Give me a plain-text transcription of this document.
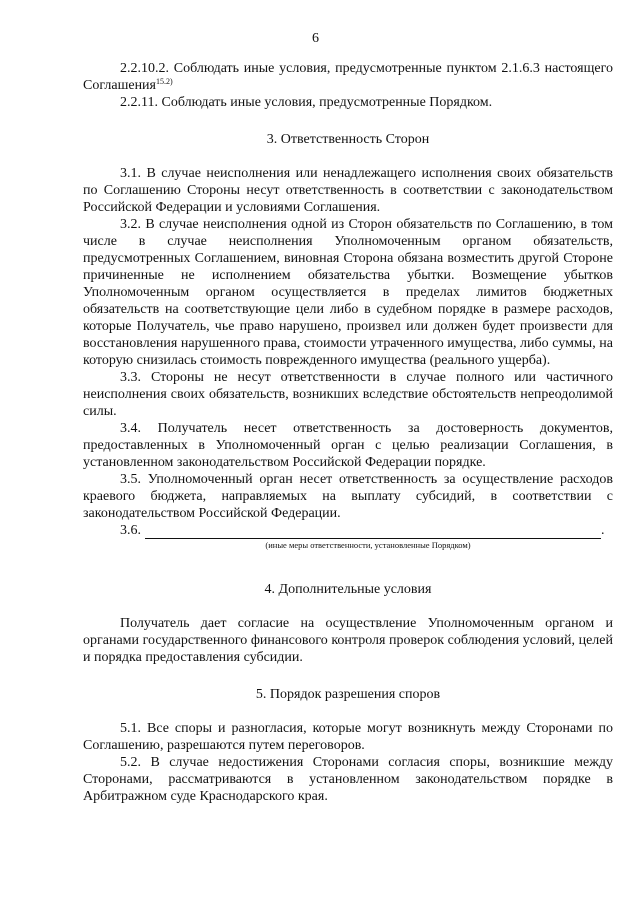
6

2.2.10.2. Соблюдать иные условия, предусмотренные пунктом 2.1.6.3 настоящего Соглашения$^{15.2)}$

2.2.11. Соблюдать иные условия, предусмотренные Порядком.

3. Ответственность Сторон

3.1. В случае неисполнения или ненадлежащего исполнения своих обязательств по Соглашению Стороны несут ответственность в соответствии с законодательством Российской Федерации и условиями Соглашения.

3.2. В случае неисполнения одной из Сторон обязательств по Соглашению, в том числе в случае неисполнения Уполномоченным органом обязательств, предусмотренных Соглашением, виновная Сторона обязана возместить другой Стороне причиненные не исполнением обязательства убытки. Возмещение убытков Уполномоченным органом осуществляется в пределах лимитов бюджетных обязательств на соответствующие цели либо в судебном порядке в размере расходов, которые Получатель, чье право нарушено, произвел или должен будет произвести для восстановления нарушенного права, стоимости утраченного имущества, либо суммы, на которую снизилась стоимость поврежденного имущества (реального ущерба).

3.3. Стороны не несут ответственности в случае полного или частичного неисполнения своих обязательств, возникших вследствие обстоятельств непреодолимой силы.

3.4. Получатель несет ответственность за достоверность документов, предоставленных в Уполномоченный орган с целью реализации Соглашения, в установленном законодательством Российской Федерации порядке.

3.5. Уполномоченный орган несет ответственность за осуществление расходов краевого бюджета, направляемых на выплату субсидий, в соответствии с законодательством Российской Федерации.

3.6.	.
(иные меры ответственности, установленные Порядком)

4. Дополнительные условия

Получатель дает согласие на осуществление Уполномоченным органом и органами государственного финансового контроля проверок соблюдения условий, целей и порядка предоставления субсидии.

5. Порядок разрешения споров

5.1. Все споры и разногласия, которые могут возникнуть между Сторонами по Соглашению, разрешаются путем переговоров.

5.2. В случае недостижения Сторонами согласия споры, возникшие между Сторонами, рассматриваются в установленном законодательством порядке в Арбитражном суде Краснодарского края.
